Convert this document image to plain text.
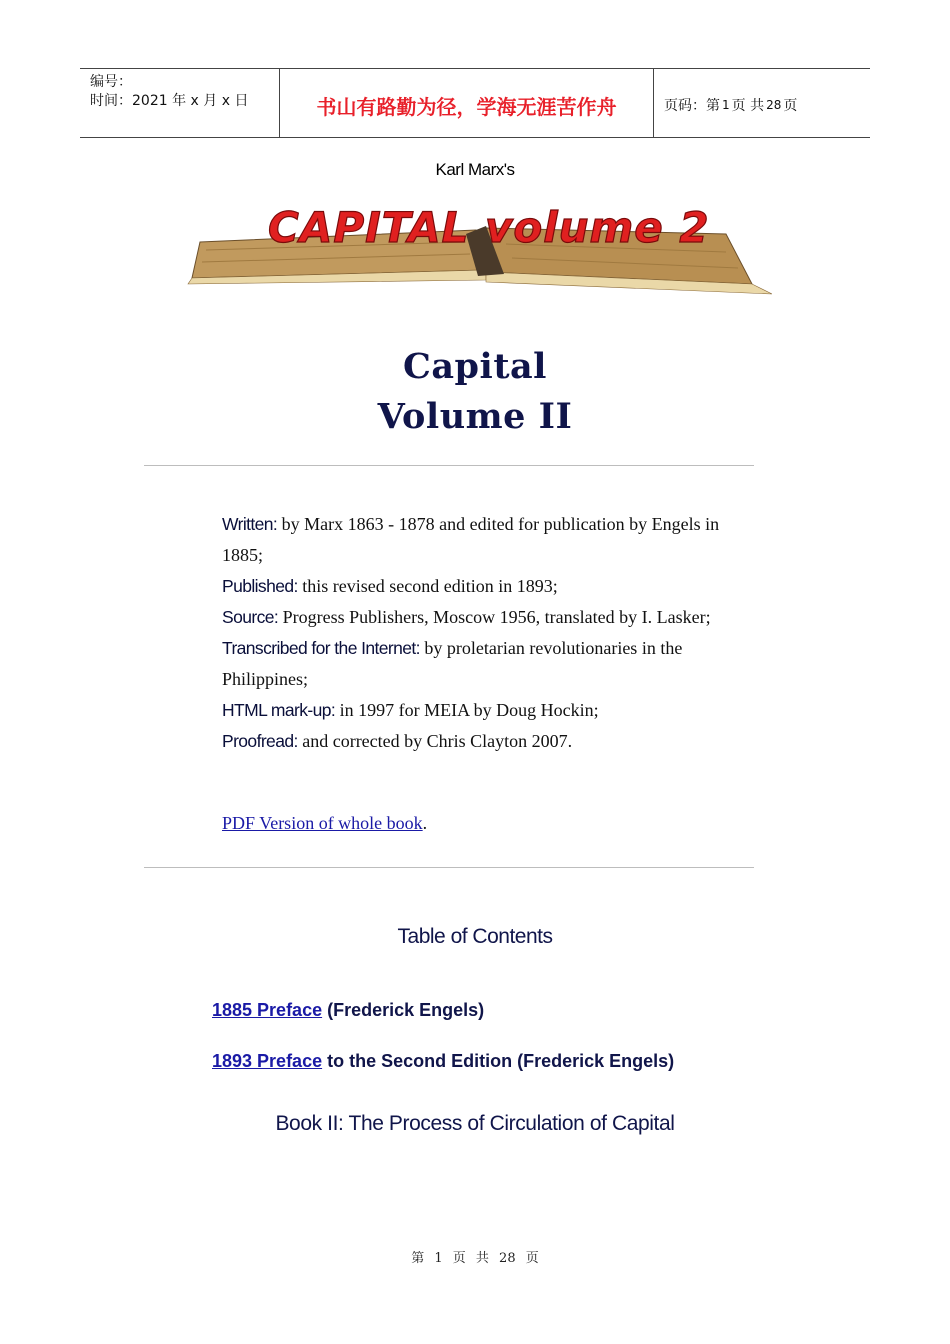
编号：
时间：2021 年 x 月 x 日	书山有路勤为径，学海无涯苦作舟	页码：第 1 页 共 28 页
Karl Marx's
CAPITAL volume 2
Capital
Volume II

Written: by Marx 1863 - 1878 and edited for publication by Engels in 1885;

Published: this revised second edition in 1893;

Source: Progress Publishers, Moscow 1956, translated by I. Lasker;

Transcribed for the Internet: by proletarian revolutionaries in the Philippines;

HTML mark-up: in 1997 for MEIA by Doug Hockin;

Proofread: and corrected by Chris Clayton 2007.

PDF Version of whole book.
Table of Contents
1885 Preface (Frederick Engels)
1893 Preface to the Second Edition (Frederick Engels)
Book II: The Process of Circulation of Capital
第 1 页 共 28 页
